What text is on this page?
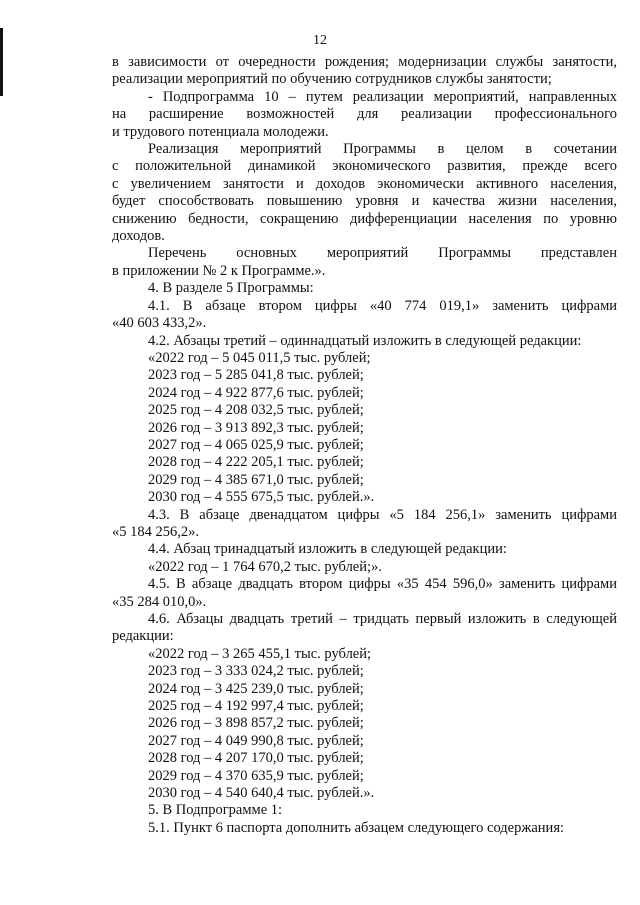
12

в зависимости от очередности рождения; модернизации службы занятости,

реализации мероприятий по обучению сотрудников службы занятости;

- Подпрограмма 10 – путем реализации мероприятий, направленных

на расширение возможностей для реализации профессионального

и трудового потенциала молодежи.

Реализация мероприятий Программы в целом в сочетании

с положительной динамикой экономического развития, прежде всего

с увеличением занятости и доходов экономически активного населения,

будет способствовать повышению уровня и качества жизни населения,

снижению бедности, сокращению дифференциации населения по уровню

доходов.

Перечень основных мероприятий Программы представлен

в приложении № 2 к Программе.».

4. В разделе 5 Программы:

4.1. В абзаце втором цифры «40 774 019,1» заменить цифрами

«40 603 433,2».

4.2. Абзацы третий – одиннадцатый изложить в следующей редакции:

«2022 год – 5 045 011,5 тыс. рублей;

2023 год – 5 285 041,8 тыс. рублей;

2024 год – 4 922 877,6 тыс. рублей;

2025 год – 4 208 032,5 тыс. рублей;

2026 год – 3 913 892,3 тыс. рублей;

2027 год – 4 065 025,9 тыс. рублей;

2028 год – 4 222 205,1 тыс. рублей;

2029 год – 4 385 671,0 тыс. рублей;

2030 год – 4 555 675,5 тыс. рублей.».

4.3. В абзаце двенадцатом цифры «5 184 256,1» заменить цифрами

«5 184 256,2».

4.4. Абзац тринадцатый изложить в следующей редакции:

«2022 год – 1 764 670,2 тыс. рублей;».

4.5. В абзаце двадцать втором цифры «35 454 596,0» заменить цифрами

«35 284 010,0».

4.6. Абзацы двадцать третий – тридцать первый изложить в следующей

редакции:

«2022 год – 3 265 455,1 тыс. рублей;

2023 год – 3 333 024,2 тыс. рублей;

2024 год – 3 425 239,0 тыс. рублей;

2025 год – 4 192 997,4 тыс. рублей;

2026 год – 3 898 857,2 тыс. рублей;

2027 год – 4 049 990,8 тыс. рублей;

2028 год – 4 207 170,0 тыс. рублей;

2029 год – 4 370 635,9 тыс. рублей;

2030 год – 4 540 640,4 тыс. рублей.».

5. В Подпрограмме 1:

5.1. Пункт 6 паспорта дополнить абзацем следующего содержания:
